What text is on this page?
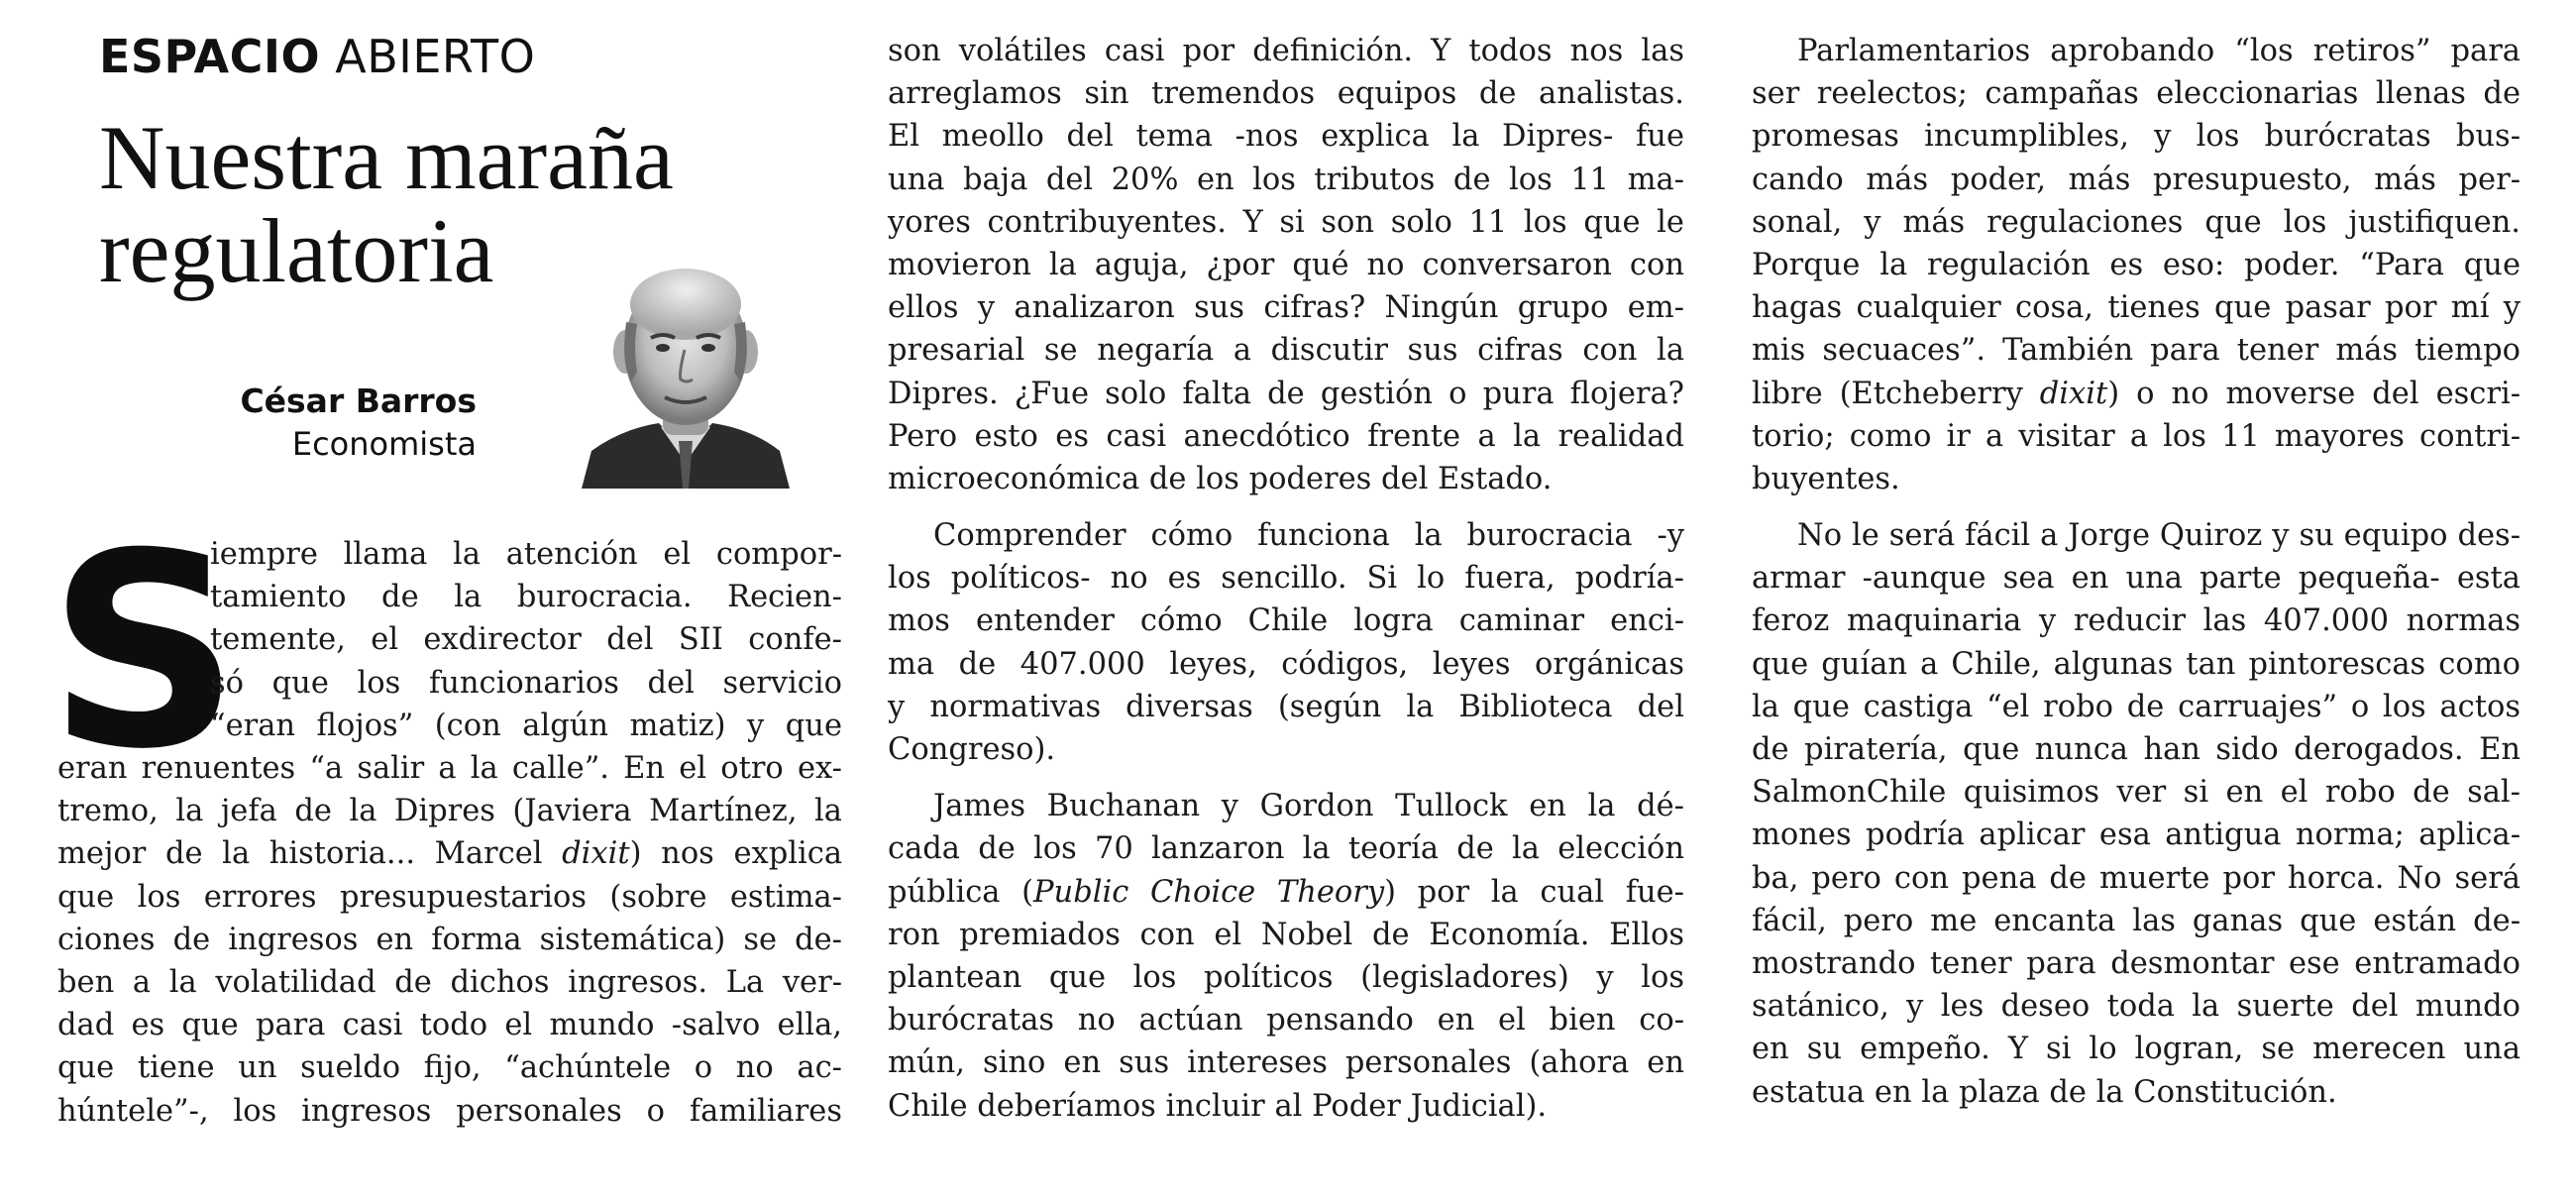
ESPACIO ABIERTO
Nuestra maraña
regulatoria
César Barros
Economista
S
iempre llama la atención el compor-
tamiento de la burocracia. Recien-
temente, el exdirector del SII confe-
só que los funcionarios del servicio
“eran flojos” (con algún matiz) y que
eran renuentes “a salir a la calle”. En el otro ex-
tremo, la jefa de la Dipres (Javiera Martínez, la
mejor de la historia... Marcel dixit) nos explica
que los errores presupuestarios (sobre estima-
ciones de ingresos en forma sistemática) se de-
ben a la volatilidad de dichos ingresos. La ver-
dad es que para casi todo el mundo -salvo ella,
que tiene un sueldo fijo, “achúntele o no ac-
húntele”-, los ingresos personales o familiares
son volátiles casi por definición. Y todos nos las
arreglamos sin tremendos equipos de analistas.
El meollo del tema -nos explica la Dipres- fue
una baja del 20% en los tributos de los 11 ma-
yores contribuyentes. Y si son solo 11 los que le
movieron la aguja, ¿por qué no conversaron con
ellos y analizaron sus cifras? Ningún grupo em-
presarial se negaría a discutir sus cifras con la
Dipres. ¿Fue solo falta de gestión o pura flojera?
Pero esto es casi anecdótico frente a la realidad
microeconómica de los poderes del Estado.
Comprender cómo funciona la burocracia -y
los políticos- no es sencillo. Si lo fuera, podría-
mos entender cómo Chile logra caminar enci-
ma de 407.000 leyes, códigos, leyes orgánicas
y normativas diversas (según la Biblioteca del
Congreso).
James Buchanan y Gordon Tullock en la dé-
cada de los 70 lanzaron la teoría de la elección
pública (Public Choice Theory) por la cual fue-
ron premiados con el Nobel de Economía. Ellos
plantean que los políticos (legisladores) y los
burócratas no actúan pensando en el bien co-
mún, sino en sus intereses personales (ahora en
Chile deberíamos incluir al Poder Judicial).
Parlamentarios aprobando “los retiros” para
ser reelectos; campañas eleccionarias llenas de
promesas incumplibles, y los burócratas bus-
cando más poder, más presupuesto, más per-
sonal, y más regulaciones que los justifiquen.
Porque la regulación es eso: poder. “Para que
hagas cualquier cosa, tienes que pasar por mí y
mis secuaces”. También para tener más tiempo
libre (Etcheberry dixit) o no moverse del escri-
torio; como ir a visitar a los 11 mayores contri-
buyentes.
No le será fácil a Jorge Quiroz y su equipo des-
armar -aunque sea en una parte pequeña- esta
feroz maquinaria y reducir las 407.000 normas
que guían a Chile, algunas tan pintorescas como
la que castiga “el robo de carruajes” o los actos
de piratería, que nunca han sido derogados. En
SalmonChile quisimos ver si en el robo de sal-
mones podría aplicar esa antigua norma; aplica-
ba, pero con pena de muerte por horca. No será
fácil, pero me encanta las ganas que están de-
mostrando tener para desmontar ese entramado
satánico, y les deseo toda la suerte del mundo
en su empeño. Y si lo logran, se merecen una
estatua en la plaza de la Constitución.
